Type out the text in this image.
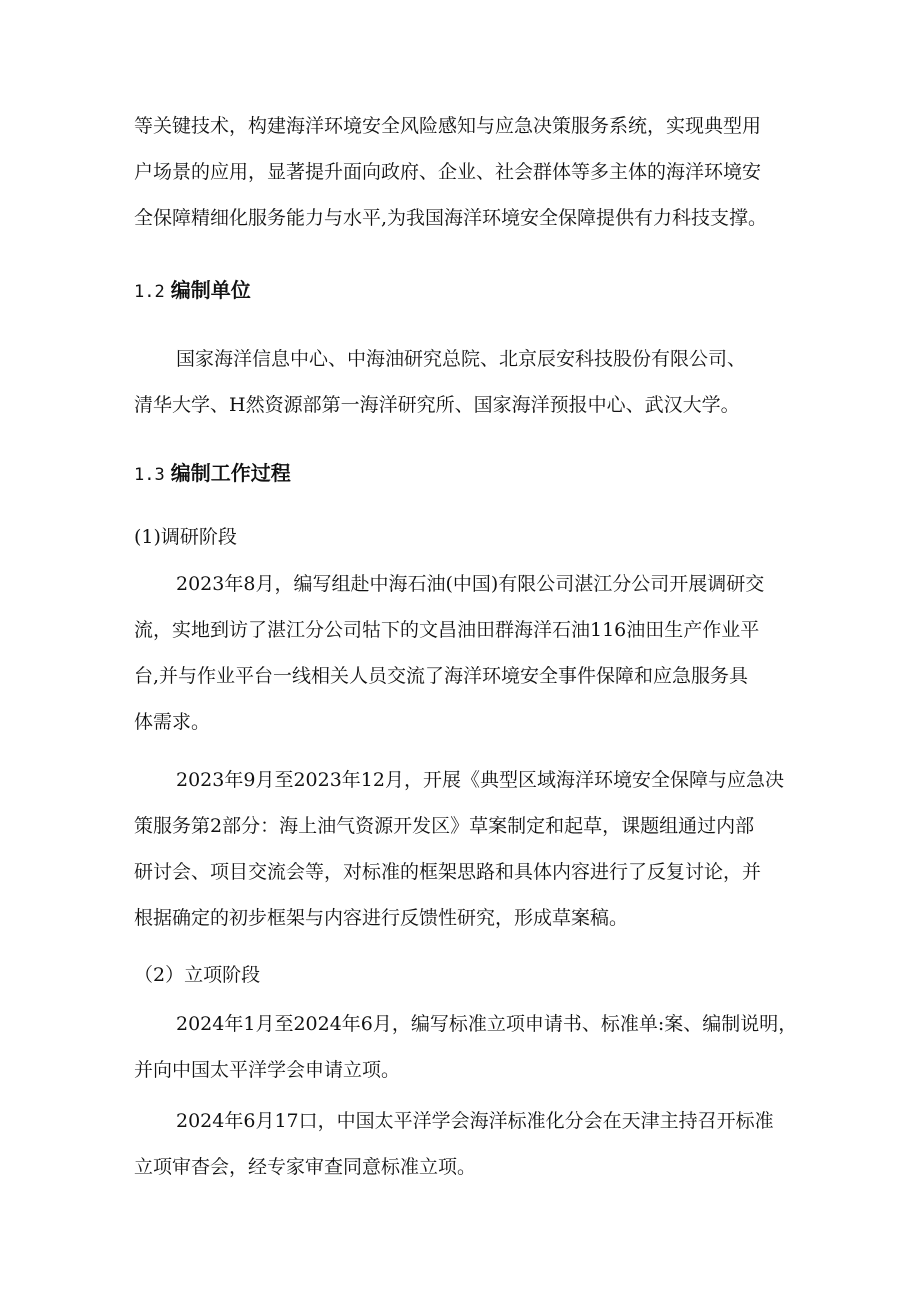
等关键技术，构建海洋环境安全风险感知与应急决策服务系统，实现典型用
户场景的应用，显著提升面向政府、企业、社会群体等多主体的海洋环境安
全保障精细化服务能力与水平,为我国海洋环境安全保障提供有力科技支撑。
1.2 编制单位
国家海洋信息中心、中海油研究总院、北京辰安科技股份有限公司、
清华大学、H然资源部第一海洋研究所、国家海洋预报中心、武汉大学。
1.3 编制工作过程
(1)调研阶段
2023年8月，编写组赴中海石油(中国)有限公司湛江分公司开展调研交
流，实地到访了湛江分公司牯下的文昌油田群海洋石油116油田生产作业平
台,并与作业平台一线相关人员交流了海洋环境安全事件保障和应急服务具
体需求。
2023年9月至2023年12月，开展《典型区域海洋环境安全保障与应急决
策服务第2部分：海上油气资源开发区》草案制定和起草，课题组通过内部
研讨会、项目交流会等，对标准的框架思路和具体内容进行了反复讨论，并
根据确定的初步框架与内容进行反馈性研究，形成草案稿。
（2）立项阶段
2024年1月至2024年6月，编写标准立项申请书、标准单:案、编制说明，
并向中国太平洋学会申请立项。
2024年6月17口，中国太平洋学会海洋标准化分会在天津主持召开标准
立项审杳会，经专家审查同意标准立项。
